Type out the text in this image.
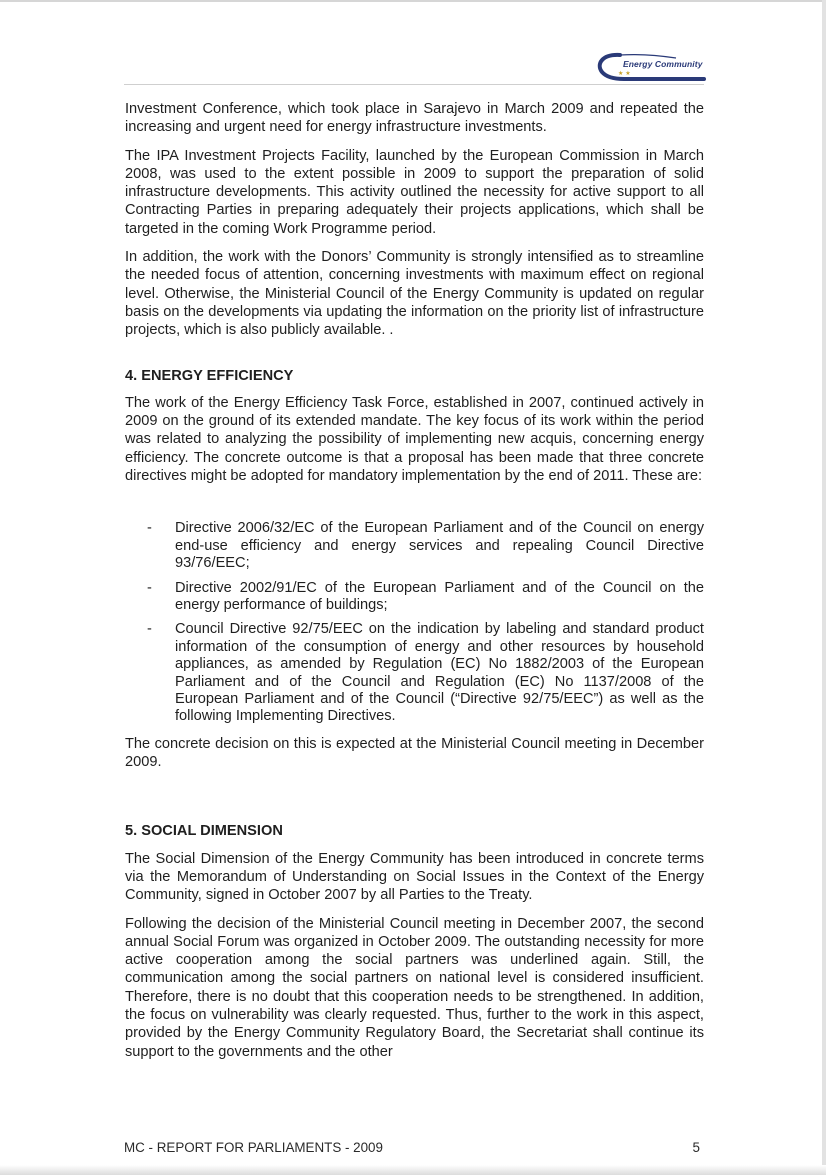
★ ★
Energy Community

Investment Conference, which took place in Sarajevo in March 2009 and repeated the increasing and urgent need for energy infrastructure investments.

The IPA Investment Projects Facility, launched by the European Commission in March 2008, was used to the extent possible in 2009 to support the preparation of solid infrastructure developments. This activity outlined the necessity for active support to all Contracting Parties in preparing adequately their projects applications, which shall be targeted in the coming Work Programme period.

In addition, the work with the Donors’ Community is strongly intensified as to streamline the needed focus of attention, concerning investments with maximum effect on regional level. Otherwise, the Ministerial Council of the Energy Community is updated on regular basis on the developments via updating the information on the priority list of infrastructure projects, which is also publicly available. .

4. ENERGY EFFICIENCY

The work of the Energy Efficiency Task Force, established in 2007, continued actively in 2009 on the ground of its extended mandate. The key focus of its work within the period was related to analyzing the possibility of implementing new acquis, concerning energy efficiency. The concrete outcome is that a proposal has been made that three concrete directives might be adopted for mandatory implementation by the end of 2011. These are:

-	Directive 2006/32/EC of the European Parliament and of the Council on energy end-use efficiency and energy services and repealing Council Directive 93/76/EEC;
-	Directive 2002/91/EC of the European Parliament and of the Council on the energy performance of buildings;
-	Council Directive 92/75/EEC on the indication by labeling and standard product information of the consumption of energy and other resources by household appliances, as amended by Regulation (EC) No 1882/2003 of the European Parliament and of the Council and Regulation (EC) No 1137/2008 of the European Parliament and of the Council (“Directive 92/75/EEC”) as well as the following Implementing Directives.

The concrete decision on this is expected at the Ministerial Council meeting in December 2009.

5. SOCIAL DIMENSION

The Social Dimension of the Energy Community has been introduced in concrete terms via the Memorandum of Understanding on Social Issues in the Context of the Energy Community, signed in October 2007 by all Parties to the Treaty.

Following the decision of the Ministerial Council meeting in December 2007, the second annual Social Forum was organized in October 2009. The outstanding necessity for more active cooperation among the social partners was underlined again. Still, the communication among the social partners on national level is considered insufficient. Therefore, there is no doubt that this cooperation needs to be strengthened. In addition, the focus on vulnerability was clearly requested. Thus, further to the work in this aspect, provided by the Energy Community Regulatory Board, the Secretariat shall continue its support to the governments and the other

MC - REPORT FOR PARLIAMENTS - 2009	5
